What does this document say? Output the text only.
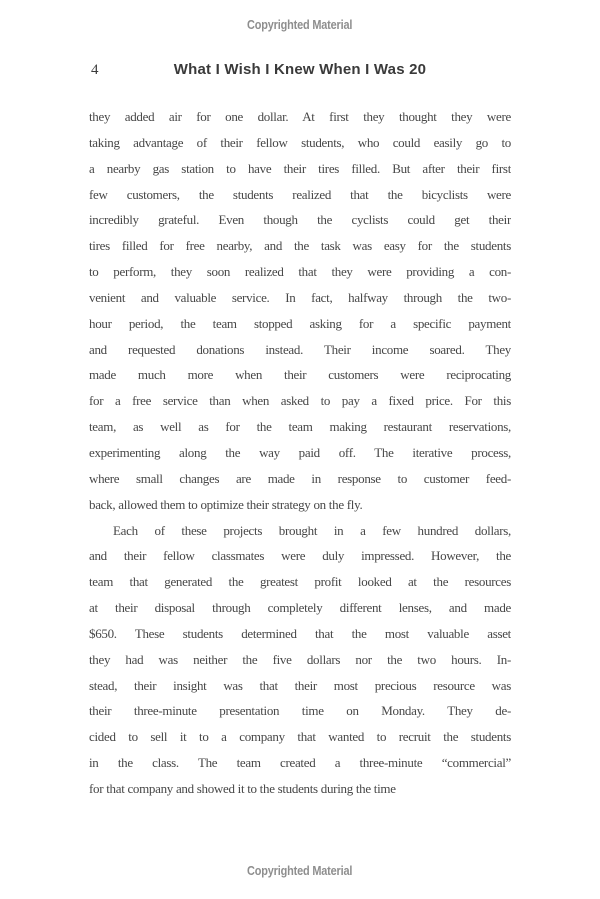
Copyrighted Material
4	What I Wish I Knew When I Was 20
they added air for one dollar. At first they thought they were
taking advantage of their fellow students, who could easily go to
a nearby gas station to have their tires filled. But after their first
few customers, the students realized that the bicyclists were
incredibly grateful. Even though the cyclists could get their
tires filled for free nearby, and the task was easy for the students
to perform, they soon realized that they were providing a con-
venient and valuable service. In fact, halfway through the two-
hour period, the team stopped asking for a specific payment
and requested donations instead. Their income soared. They
made much more when their customers were reciprocating
for a free service than when asked to pay a fixed price. For this
team, as well as for the team making restaurant reservations,
experimenting along the way paid off. The iterative process,
where small changes are made in response to customer feed-
back, allowed them to optimize their strategy on the fly.
Each of these projects brought in a few hundred dollars,
and their fellow classmates were duly impressed. However, the
team that generated the greatest profit looked at the resources
at their disposal through completely different lenses, and made
$650. These students determined that the most valuable asset
they had was neither the five dollars nor the two hours. In-
stead, their insight was that their most precious resource was
their three-minute presentation time on Monday. They de-
cided to sell it to a company that wanted to recruit the students
in the class. The team created a three-minute “commercial”
for that company and showed it to the students during the time
Copyrighted Material
